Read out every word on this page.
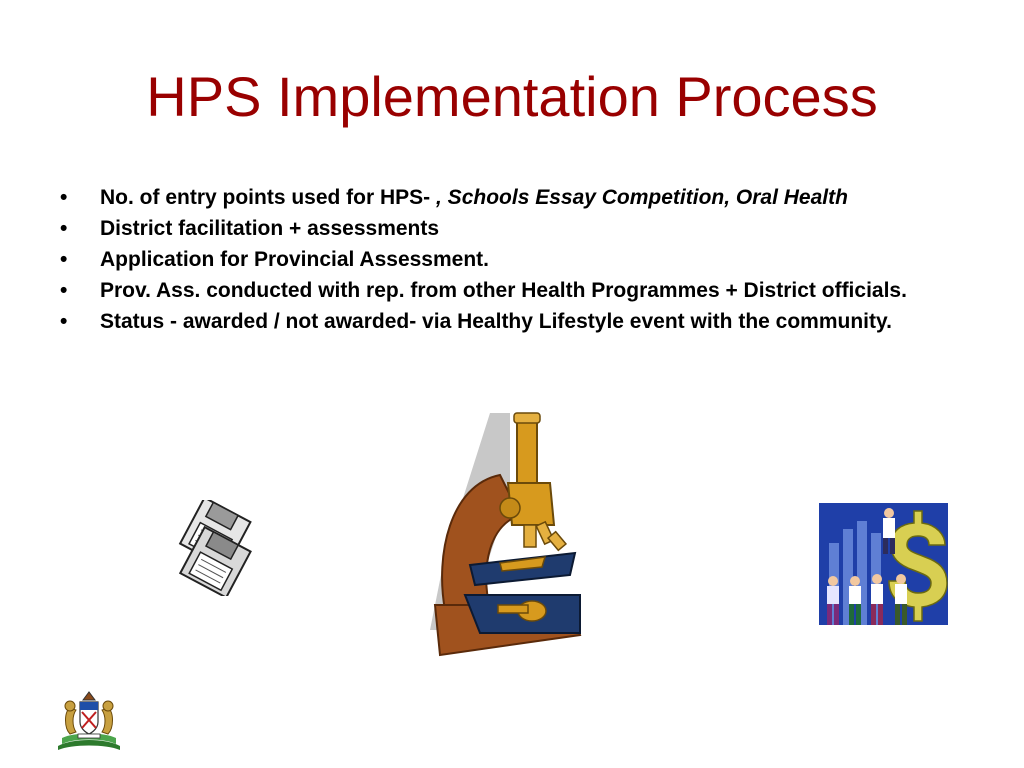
HPS Implementation Process
• No. of entry points used for HPS- , Schools Essay Competition, Oral Health
• District facilitation + assessments
• Application for Provincial Assessment.
• Prov. Ass. conducted with rep. from other Health Programmes + District officials.
• Status - awarded / not awarded- via Healthy Lifestyle event with the community.
